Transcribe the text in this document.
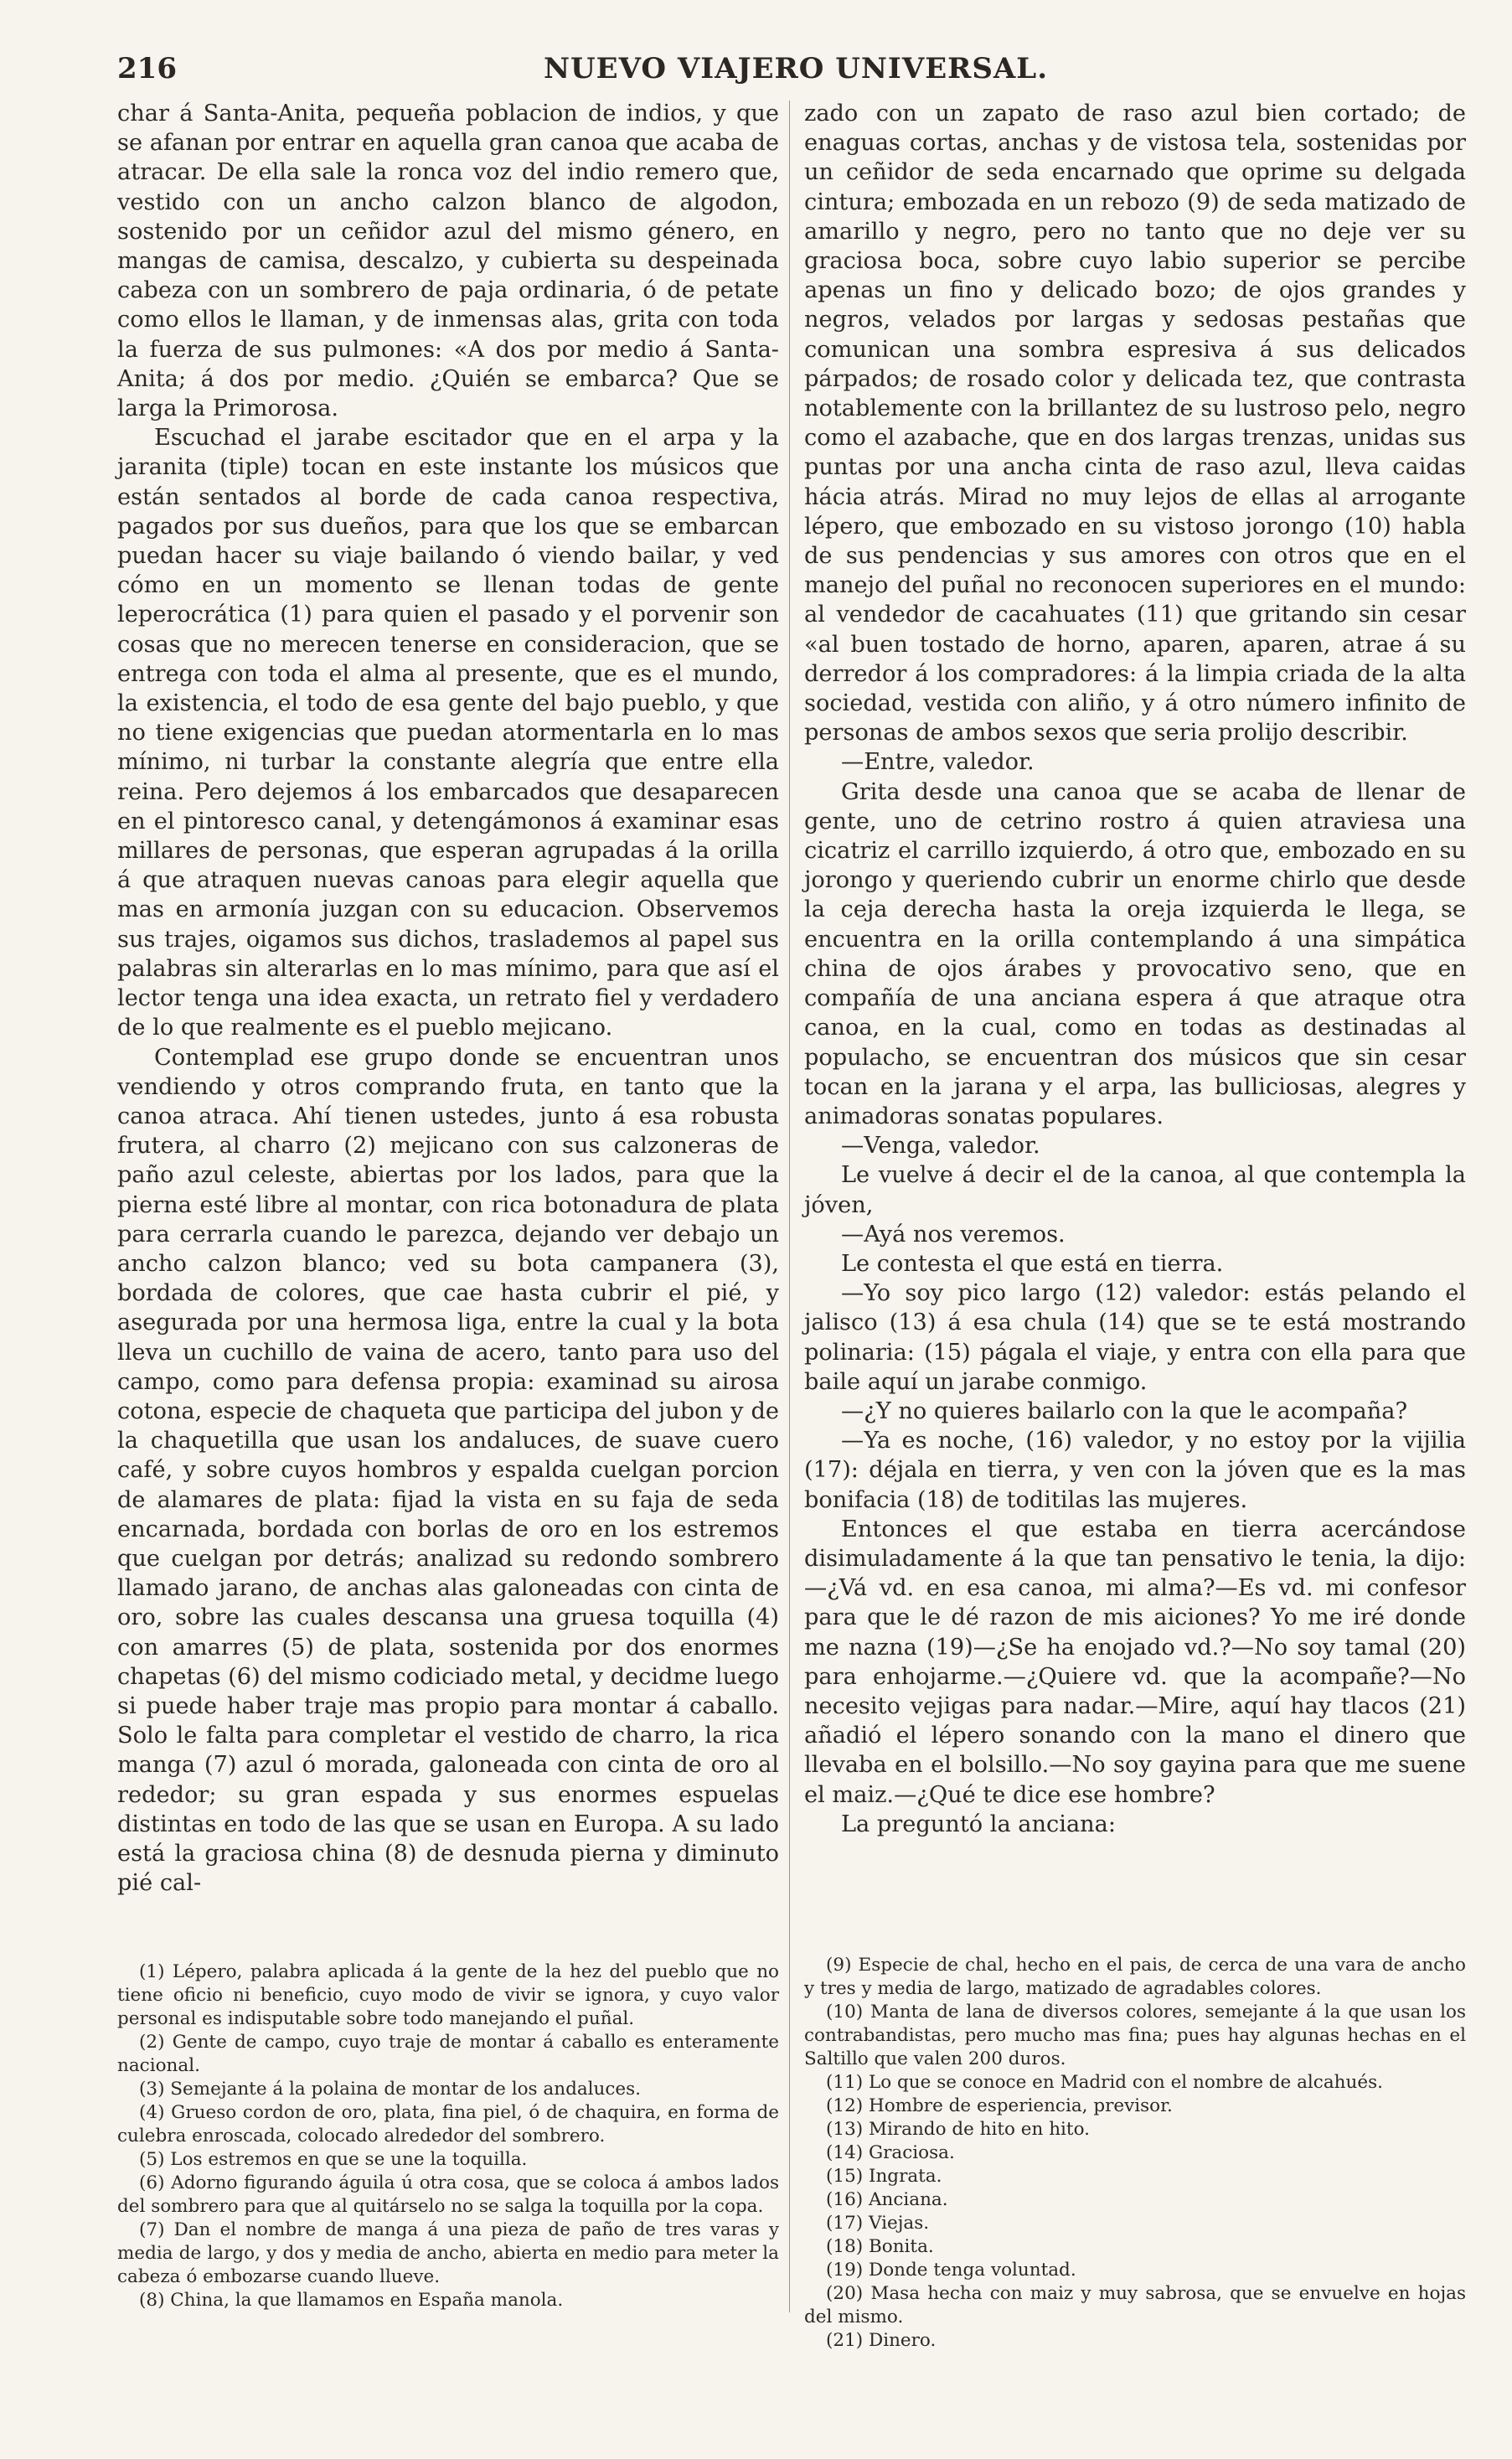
216	NUEVO VIAJERO UNIVERSAL.

char á Santa-Anita, pequeña poblacion de indios, y que se afanan por entrar en aquella gran canoa que acaba de atracar. De ella sale la ronca voz del indio remero que, vestido con un ancho calzon blanco de algodon, sostenido por un ceñidor azul del mismo género, en mangas de camisa, descalzo, y cubierta su despeinada cabeza con un sombrero de paja ordinaria, ó de petate como ellos le llaman, y de inmensas alas, grita con toda la fuerza de sus pulmones: «A dos por medio á Santa-Anita; á dos por medio. ¿Quién se embarca? Que se larga la Primorosa.

Escuchad el jarabe escitador que en el arpa y la jaranita (tiple) tocan en este instante los músicos que están sentados al borde de cada canoa respectiva, pagados por sus dueños, para que los que se embarcan puedan hacer su viaje bailando ó viendo bailar, y ved cómo en un momento se llenan todas de gente leperocrática (1) para quien el pasado y el porvenir son cosas que no merecen tenerse en consideracion, que se entrega con toda el alma al presente, que es el mundo, la existencia, el todo de esa gente del bajo pueblo, y que no tiene exigencias que puedan atormentarla en lo mas mínimo, ni turbar la constante alegría que entre ella reina. Pero dejemos á los embarcados que desaparecen en el pintoresco canal, y detengámonos á examinar esas millares de personas, que esperan agrupadas á la orilla á que atraquen nuevas canoas para elegir aquella que mas en armonía juzgan con su educacion. Observemos sus trajes, oigamos sus dichos, traslademos al papel sus palabras sin alterarlas en lo mas mínimo, para que así el lector tenga una idea exacta, un retrato fiel y verdadero de lo que realmente es el pueblo mejicano.

Contemplad ese grupo donde se encuentran unos vendiendo y otros comprando fruta, en tanto que la canoa atraca. Ahí tienen ustedes, junto á esa robusta frutera, al charro (2) mejicano con sus calzoneras de paño azul celeste, abiertas por los lados, para que la pierna esté libre al montar, con rica botonadura de plata para cerrarla cuando le parezca, dejando ver debajo un ancho calzon blanco; ved su bota campanera (3), bordada de colores, que cae hasta cubrir el pié, y asegurada por una hermosa liga, entre la cual y la bota lleva un cuchillo de vaina de acero, tanto para uso del campo, como para defensa propia: examinad su airosa cotona, especie de chaqueta que participa del jubon y de la chaquetilla que usan los andaluces, de suave cuero café, y sobre cuyos hombros y espalda cuelgan porcion de alamares de plata: fijad la vista en su faja de seda encarnada, bordada con borlas de oro en los estremos que cuelgan por detrás; analizad su redondo sombrero llamado jarano, de anchas alas galoneadas con cinta de oro, sobre las cuales descansa una gruesa toquilla (4) con amarres (5) de plata, sostenida por dos enormes chapetas (6) del mismo codiciado metal, y decidme luego si puede haber traje mas propio para montar á caballo. Solo le falta para completar el vestido de charro, la rica manga (7) azul ó morada, galoneada con cinta de oro al rededor; su gran espada y sus enormes espuelas distintas en todo de las que se usan en Europa. A su lado está la graciosa china (8) de desnuda pierna y diminuto pié cal-

zado con un zapato de raso azul bien cortado; de enaguas cortas, anchas y de vistosa tela, sostenidas por un ceñidor de seda encarnado que oprime su delgada cintura; embozada en un rebozo (9) de seda matizado de amarillo y negro, pero no tanto que no deje ver su graciosa boca, sobre cuyo labio superior se percibe apenas un fino y delicado bozo; de ojos grandes y negros, velados por largas y sedosas pestañas que comunican una sombra espresiva á sus delicados párpados; de rosado color y delicada tez, que contrasta notablemente con la brillantez de su lustroso pelo, negro como el azabache, que en dos largas trenzas, unidas sus puntas por una ancha cinta de raso azul, lleva caidas hácia atrás. Mirad no muy lejos de ellas al arrogante lépero, que embozado en su vistoso jorongo (10) habla de sus pendencias y sus amores con otros que en el manejo del puñal no reconocen superiores en el mundo: al vendedor de cacahuates (11) que gritando sin cesar «al buen tostado de horno, aparen, aparen, atrae á su derredor á los compradores: á la limpia criada de la alta sociedad, vestida con aliño, y á otro número infinito de personas de ambos sexos que seria prolijo describir.

—Entre, valedor.

Grita desde una canoa que se acaba de llenar de gente, uno de cetrino rostro á quien atraviesa una cicatriz el carrillo izquierdo, á otro que, embozado en su jorongo y queriendo cubrir un enorme chirlo que desde la ceja derecha hasta la oreja izquierda le llega, se encuentra en la orilla contemplando á una simpática china de ojos árabes y provocativo seno, que en compañía de una anciana espera á que atraque otra canoa, en la cual, como en todas as destinadas al populacho, se encuentran dos músicos que sin cesar tocan en la jarana y el arpa, las bulliciosas, alegres y animadoras sonatas populares.

—Venga, valedor.

Le vuelve á decir el de la canoa, al que contempla la jóven,

—Ayá nos veremos.

Le contesta el que está en tierra.

—Yo soy pico largo (12) valedor: estás pelando el jalisco (13) á esa chula (14) que se te está mostrando polinaria: (15) págala el viaje, y entra con ella para que baile aquí un jarabe conmigo.

—¿Y no quieres bailarlo con la que le acompaña?

—Ya es noche, (16) valedor, y no estoy por la vijilia (17): déjala en tierra, y ven con la jóven que es la mas bonifacia (18) de toditilas las mujeres.

Entonces el que estaba en tierra acercándose disimuladamente á la que tan pensativo le tenia, la dijo: —¿Vá vd. en esa canoa, mi alma?—Es vd. mi confesor para que le dé razon de mis aiciones? Yo me iré donde me nazna (19)—¿Se ha enojado vd.?—No soy tamal (20) para enhojarme.—¿Quiere vd. que la acompañe?—No necesito vejigas para nadar.—Mire, aquí hay tlacos (21) añadió el lépero sonando con la mano el dinero que llevaba en el bolsillo.—No soy gayina para que me suene el maiz.—¿Qué te dice ese hombre?

La preguntó la anciana:

(1) Lépero, palabra aplicada á la gente de la hez del pueblo que no tiene oficio ni beneficio, cuyo modo de vivir se ignora, y cuyo valor personal es indisputable sobre todo manejando el puñal.

(2) Gente de campo, cuyo traje de montar á caballo es enteramente nacional.

(3) Semejante á la polaina de montar de los andaluces.

(4) Grueso cordon de oro, plata, fina piel, ó de chaquira, en forma de culebra enroscada, colocado alrededor del sombrero.

(5) Los estremos en que se une la toquilla.

(6) Adorno figurando águila ú otra cosa, que se coloca á ambos lados del sombrero para que al quitárselo no se salga la toquilla por la copa.

(7) Dan el nombre de manga á una pieza de paño de tres varas y media de largo, y dos y media de ancho, abierta en medio para meter la cabeza ó embozarse cuando llueve.

(8) China, la que llamamos en España manola.

(9) Especie de chal, hecho en el pais, de cerca de una vara de ancho y tres y media de largo, matizado de agradables colores.

(10) Manta de lana de diversos colores, semejante á la que usan los contrabandistas, pero mucho mas fina; pues hay algunas hechas en el Saltillo que valen 200 duros.

(11) Lo que se conoce en Madrid con el nombre de alcahués.

(12) Hombre de esperiencia, previsor.

(13) Mirando de hito en hito.

(14) Graciosa.

(15) Ingrata.

(16) Anciana.

(17) Viejas.

(18) Bonita.

(19) Donde tenga voluntad.

(20) Masa hecha con maiz y muy sabrosa, que se envuelve en hojas del mismo.

(21) Dinero.
